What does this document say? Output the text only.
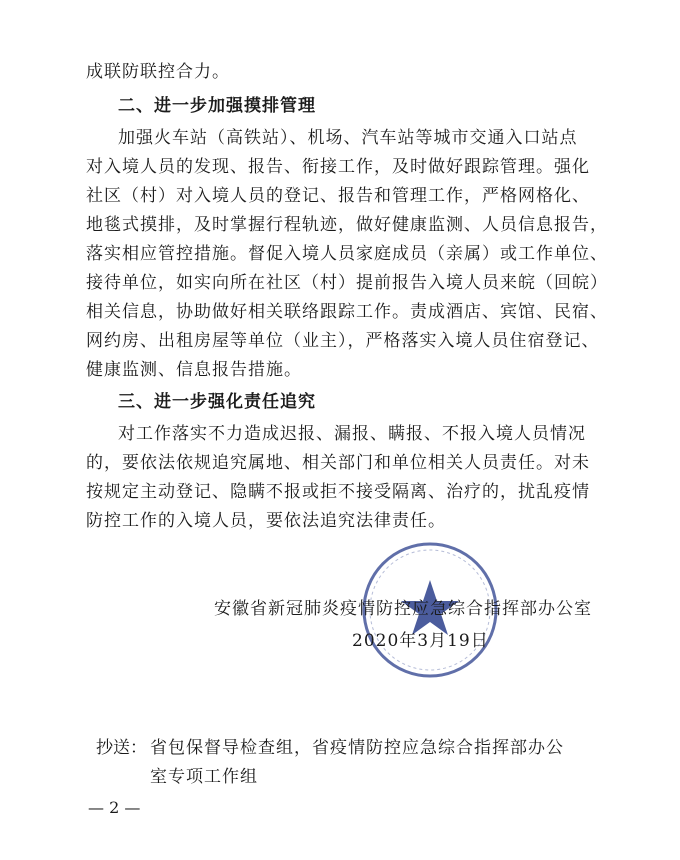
成联防联控合力。
二、进一步加强摸排管理
加强火车站（高铁站）、机场、汽车站等城市交通入口站点
对入境人员的发现、报告、衔接工作，及时做好跟踪管理。强化
社区（村）对入境人员的登记、报告和管理工作，严格网格化、
地毯式摸排，及时掌握行程轨迹，做好健康监测、人员信息报告，
落实相应管控措施。督促入境人员家庭成员（亲属）或工作单位、
接待单位，如实向所在社区（村）提前报告入境人员来皖（回皖）
相关信息，协助做好相关联络跟踪工作。责成酒店、宾馆、民宿、
网约房、出租房屋等单位（业主），严格落实入境人员住宿登记、
健康监测、信息报告措施。
三、进一步强化责任追究
对工作落实不力造成迟报、漏报、瞒报、不报入境人员情况
的，要依法依规追究属地、相关部门和单位相关人员责任。对未
按规定主动登记、隐瞒不报或拒不接受隔离、治疗的，扰乱疫情
防控工作的入境人员，要依法追究法律责任。
安徽省新冠肺炎疫情防控应急综合指挥部办公室
2020年3月19日
抄送： 省包保督导检查组，省疫情防控应急综合指挥部办公
室专项工作组
— 2 —
